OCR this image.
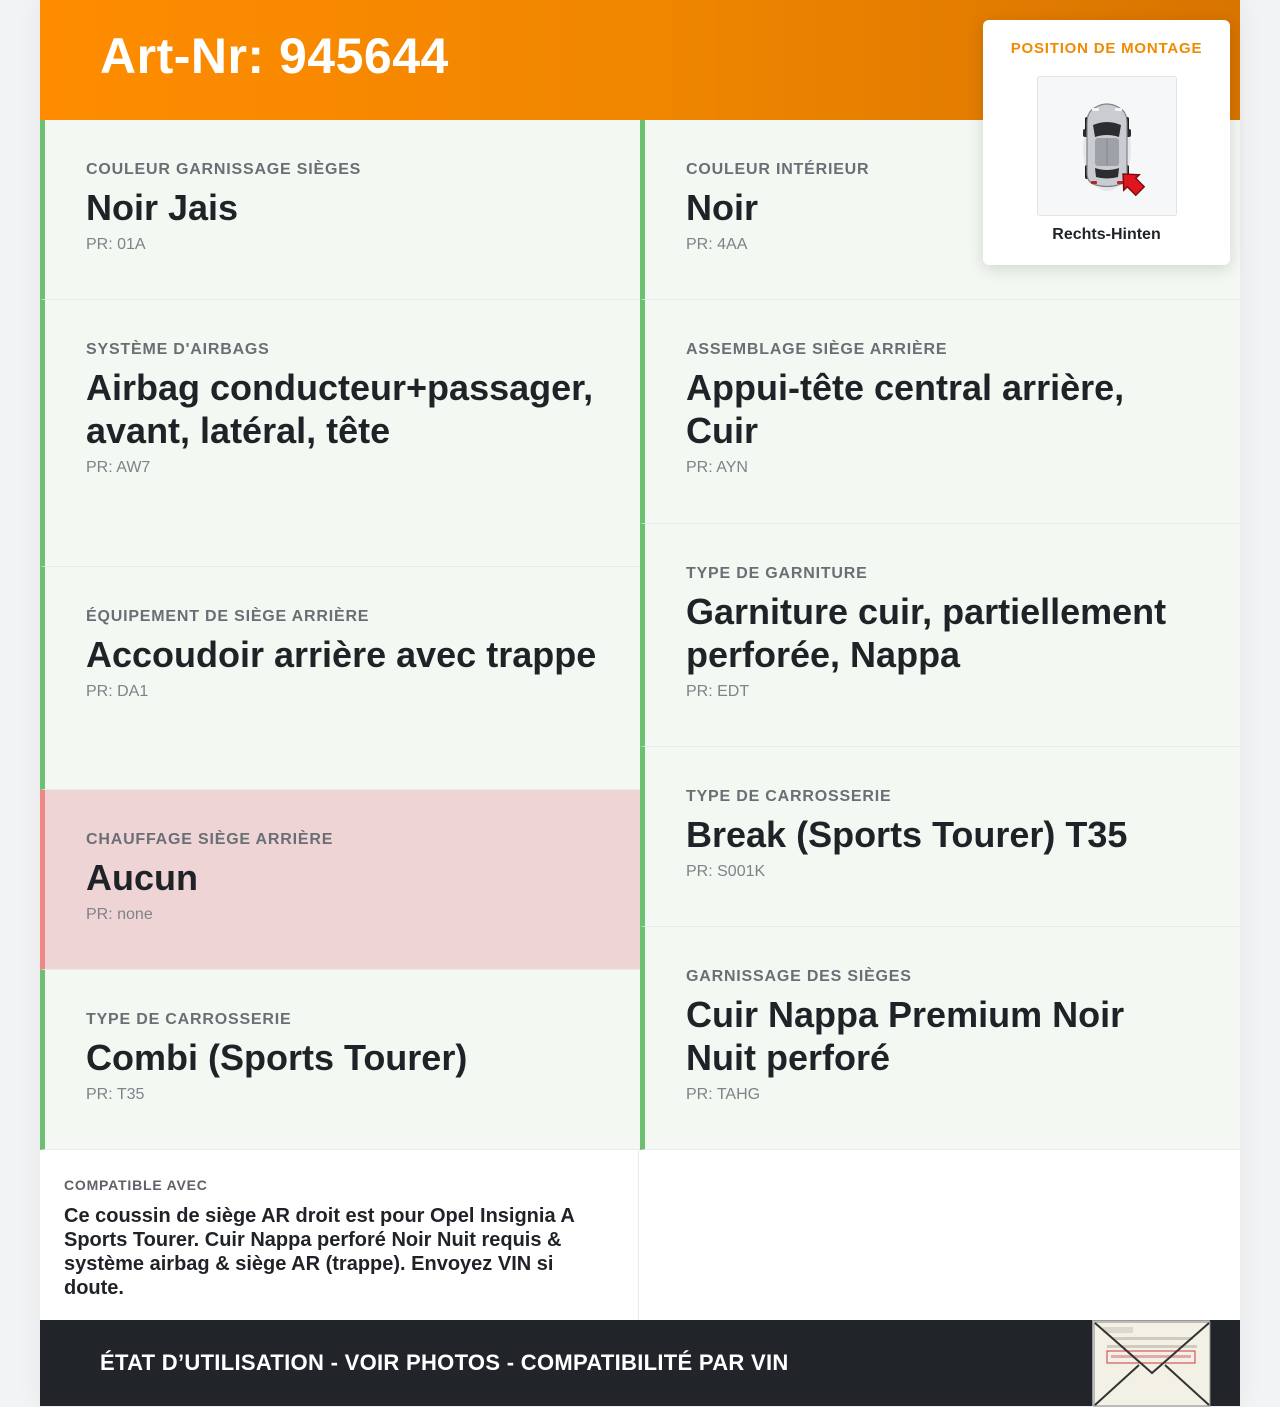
Art-Nr: 945644	POSITION DE MONTAGE
Rechts-Hinten
COULEUR GARNISSAGE SIÈGES
Noir Jais
PR: 01A
SYSTÈME D'AIRBAGS
Airbag conducteur+passager, avant, latéral, tête
PR: AW7
ÉQUIPEMENT DE SIÈGE ARRIÈRE
Accoudoir arrière avec trappe
PR: DA1
CHAUFFAGE SIÈGE ARRIÈRE
Aucun
PR: none
TYPE DE CARROSSERIE
Combi (Sports Tourer)
PR: T35
COULEUR INTÉRIEUR
Noir
PR: 4AA
ASSEMBLAGE SIÈGE ARRIÈRE
Appui-tête central arrière, Cuir
PR: AYN
TYPE DE GARNITURE
Garniture cuir, partiellement perforée, Nappa
PR: EDT
TYPE DE CARROSSERIE
Break (Sports Tourer) T35
PR: S001K
GARNISSAGE DES SIÈGES
Cuir Nappa Premium Noir Nuit perforé
PR: TAHG
COMPATIBLE AVEC
Ce coussin de siège AR droit est pour Opel Insignia A Sports Tourer. Cuir Nappa perforé Noir Nuit requis & système airbag & siège AR (trappe). Envoyez VIN si doute.
ÉTAT D’UTILISATION - VOIR PHOTOS - COMPATIBILITÉ PAR VIN
